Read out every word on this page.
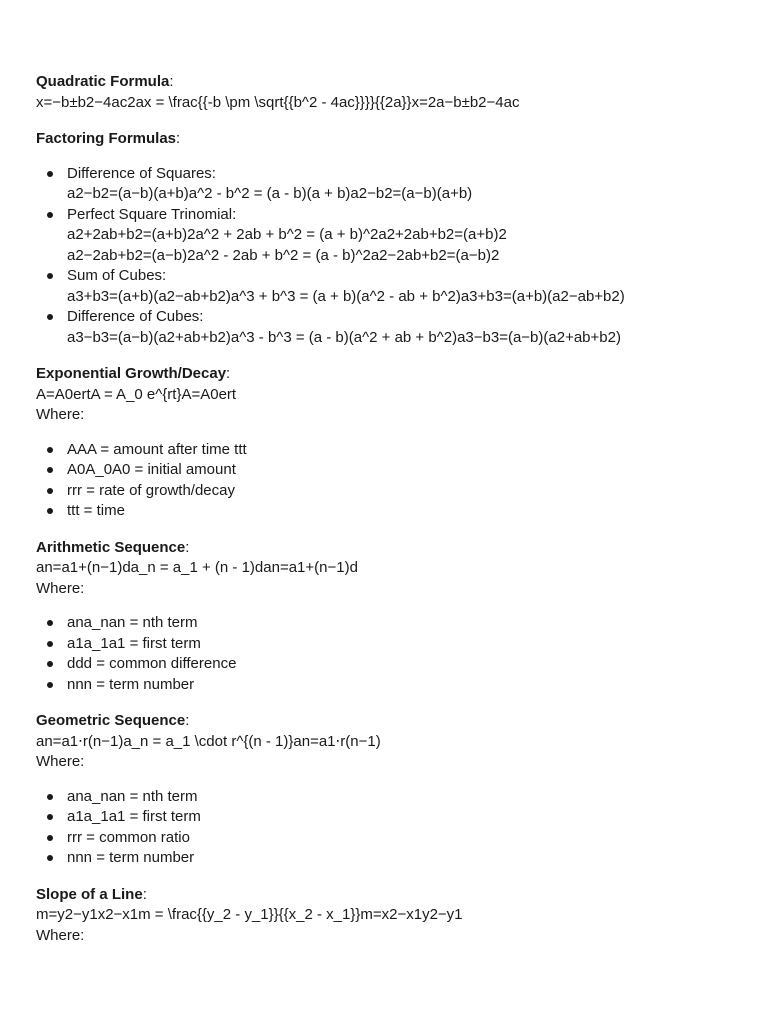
Quadratic Formula:
x=−b±b2−4ac2ax = \frac{{-b \pm \sqrt{{b^2 - 4ac}}}}{{2a}}x=2a−b±b2−4ac
Factoring Formulas:
Difference of Squares:
a2−b2=(a−b)(a+b)a^2 - b^2 = (a - b)(a + b)a2−b2=(a−b)(a+b)
Perfect Square Trinomial:
a2+2ab+b2=(a+b)2a^2 + 2ab + b^2 = (a + b)^2a2+2ab+b2=(a+b)2
a2−2ab+b2=(a−b)2a^2 - 2ab + b^2 = (a - b)^2a2−2ab+b2=(a−b)2
Sum of Cubes:
a3+b3=(a+b)(a2−ab+b2)a^3 + b^3 = (a + b)(a^2 - ab + b^2)a3+b3=(a+b)(a2−ab+b2)
Difference of Cubes:
a3−b3=(a−b)(a2+ab+b2)a^3 - b^3 = (a - b)(a^2 + ab + b^2)a3−b3=(a−b)(a2+ab+b2)
Exponential Growth/Decay:
A=A0ertA = A_0 e^{rt}A=A0ert
Where:
AAA = amount after time ttt
A0A_0A0 = initial amount
rrr = rate of growth/decay
ttt = time
Arithmetic Sequence:
an=a1+(n−1)da_n = a_1 + (n - 1)dan=a1+(n−1)d
Where:
ana_nan = nth term
a1a_1a1 = first term
ddd = common difference
nnn = term number
Geometric Sequence:
an=a1⋅r(n−1)a_n = a_1 \cdot r^{(n - 1)}an=a1⋅r(n−1)
Where:
ana_nan = nth term
a1a_1a1 = first term
rrr = common ratio
nnn = term number
Slope of a Line:
m=y2−y1x2−x1m = \frac{{y_2 - y_1}}{{x_2 - x_1}}m=x2−x1y2−y1
Where:
